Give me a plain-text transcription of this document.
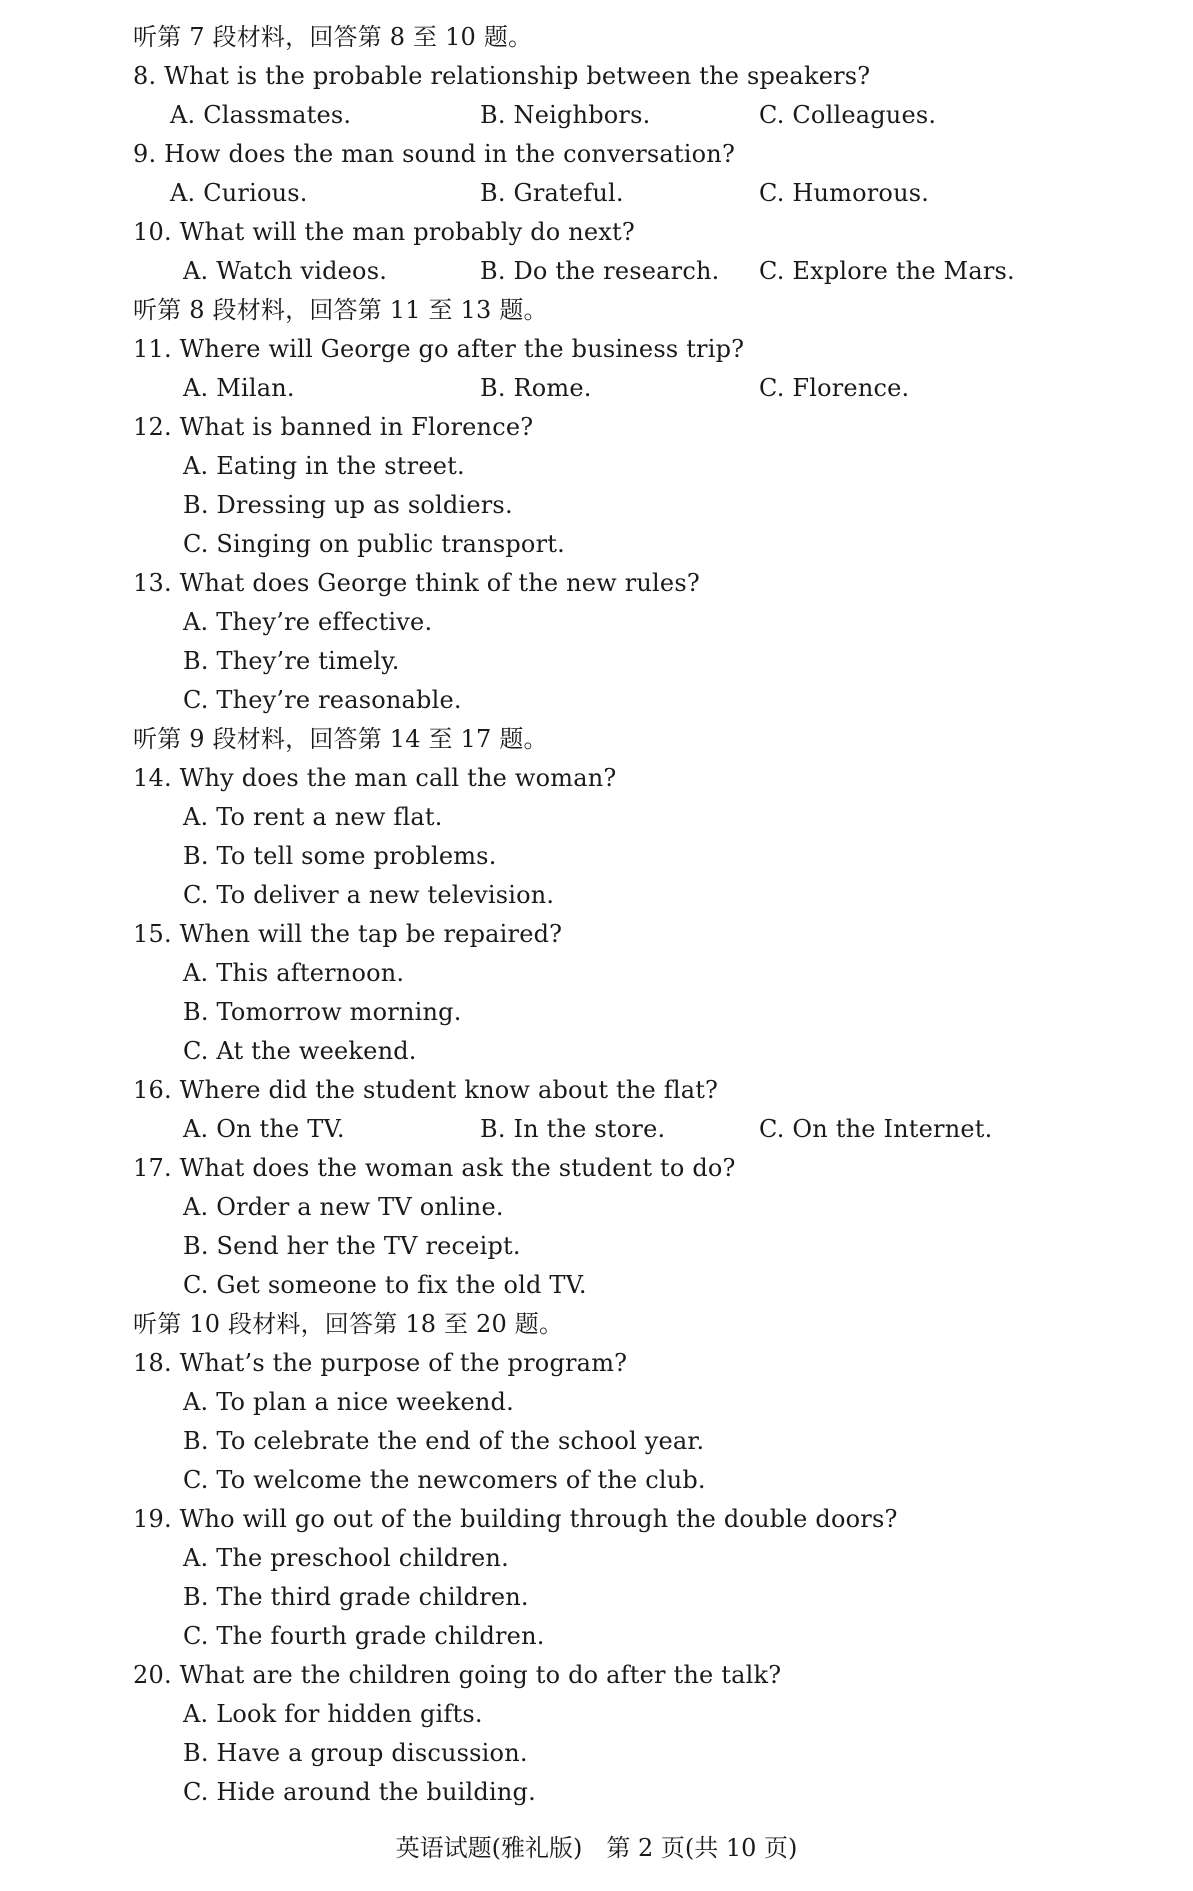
听第 7 段材料，回答第 8 至 10 题。
8. What is the probable relationship between the speakers?
A. Classmates.	B. Neighbors.	C. Colleagues.
9. How does the man sound in the conversation?
A. Curious.	B. Grateful.	C. Humorous.
10. What will the man probably do next?
A. Watch videos.	B. Do the research. C. Explore the Mars.
听第 8 段材料，回答第 11 至 13 题。
11. Where will George go after the business trip?
A. Milan.	B. Rome.	C. Florence.
12. What is banned in Florence?
A. Eating in the street.
B. Dressing up as soldiers.
C. Singing on public transport.
13. What does George think of the new rules?
A. They’re effective.
B. They’re timely.
C. They’re reasonable.
听第 9 段材料，回答第 14 至 17 题。
14. Why does the man call the woman?
A. To rent a new flat.
B. To tell some problems.
C. To deliver a new television.
15. When will the tap be repaired?
A. This afternoon.
B. Tomorrow morning.
C. At the weekend.
16. Where did the student know about the flat?
A. On the TV.	B. In the store.	C. On the Internet.
17. What does the woman ask the student to do?
A. Order a new TV online.
B. Send her the TV receipt.
C. Get someone to fix the old TV.
听第 10 段材料，回答第 18 至 20 题。
18. What’s the purpose of the program?
A. To plan a nice weekend.
B. To celebrate the end of the school year.
C. To welcome the newcomers of the club.
19. Who will go out of the building through the double doors?
A. The preschool children.
B. The third grade children.
C. The fourth grade children.
20. What are the children going to do after the talk?
A. Look for hidden gifts.
B. Have a group discussion.
C. Hide around the building.
英语试题(雅礼版)　第 2 页(共 10 页)
